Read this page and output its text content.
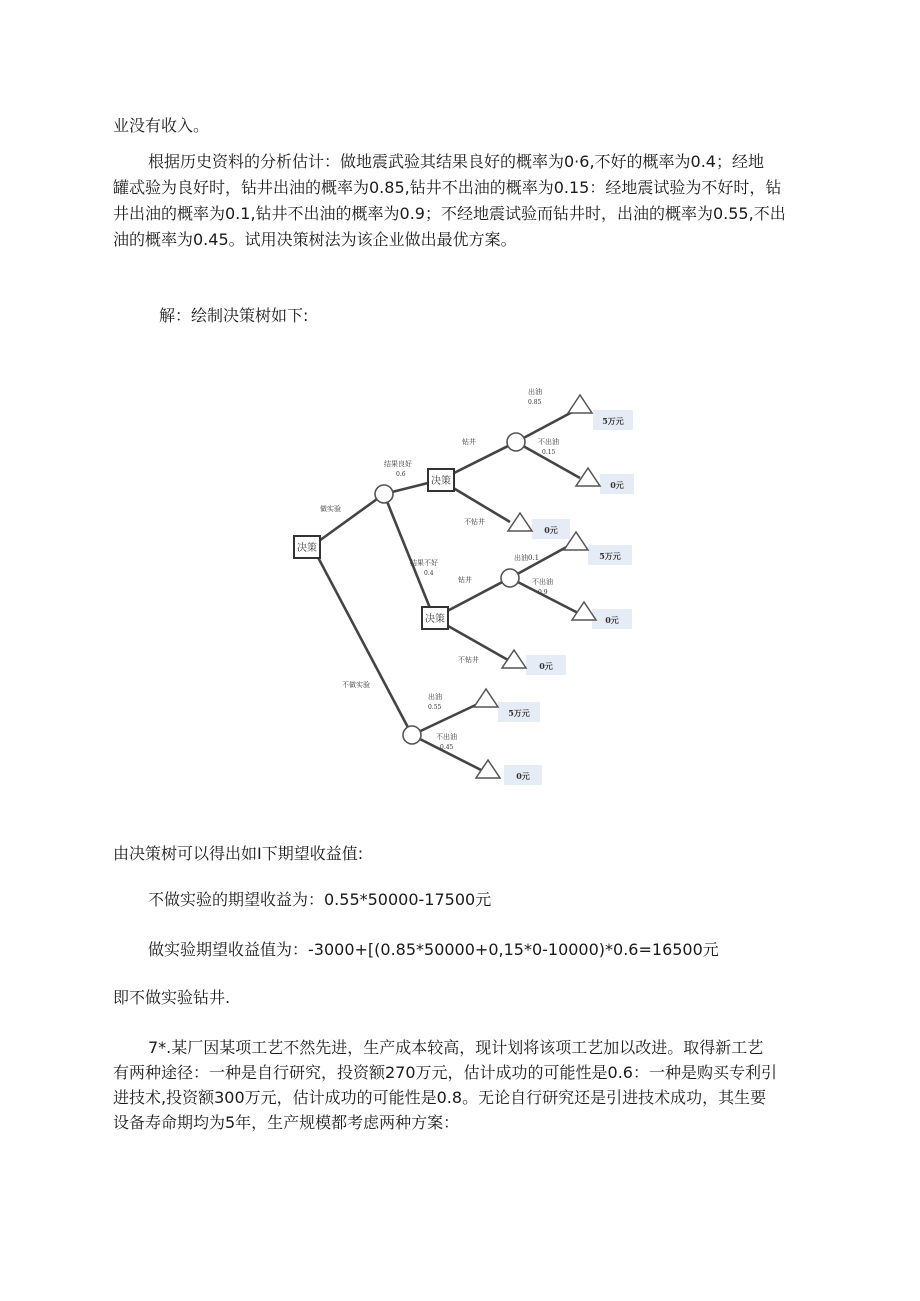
业没有收入。
根据历史资料的分析估计：做地震武验其结果良好的概率为0·6,不好的概率为0.4；经地
罐忒验为良好时，钻井出油的概率为0.85,钻井不出油的概率为0.15：经地震试验为不好时，钻
井出油的概率为0.1,钻井不出油的概率为0.9；不经地震试验而钻井时，出油的概率为0.55,不出
油的概率为0.45。试用决策树法为该企业做出最优方案。
解：绘制决策树如下:
决策
决策
决策
做实验
不做实验
结果良好
0.6
结果不好
0.4
钻井
不钻井
钻井
不钻井
出油
0.85
不出油
0.15
出油0.1
不出油
0.9
出油
0.55
不出油
0.45
5万元
0元
0元
5万元
0元
0元
5万元
0元
由决策树可以得出如I下期望收益值:
不做实验的期望收益为：0.55*50000-17500元
做实验期望收益值为：-3000+[(0.85*50000+0,15*0-10000)*0.6=16500元
即不做实验钻井.
7*.某厂因某项工艺不然先进，生产成本较高，现计划将该项工艺加以改进。取得新工艺
有两种途径：一种是自行研究，投资额270万元，估计成功的可能性是0.6：一种是购买专利引
进技术,投资额300万元，估计成功的可能性是0.8。无论自行研究还是引进技术成功，其生要
设备寿命期均为5年，生产规模都考虑两种方案：
